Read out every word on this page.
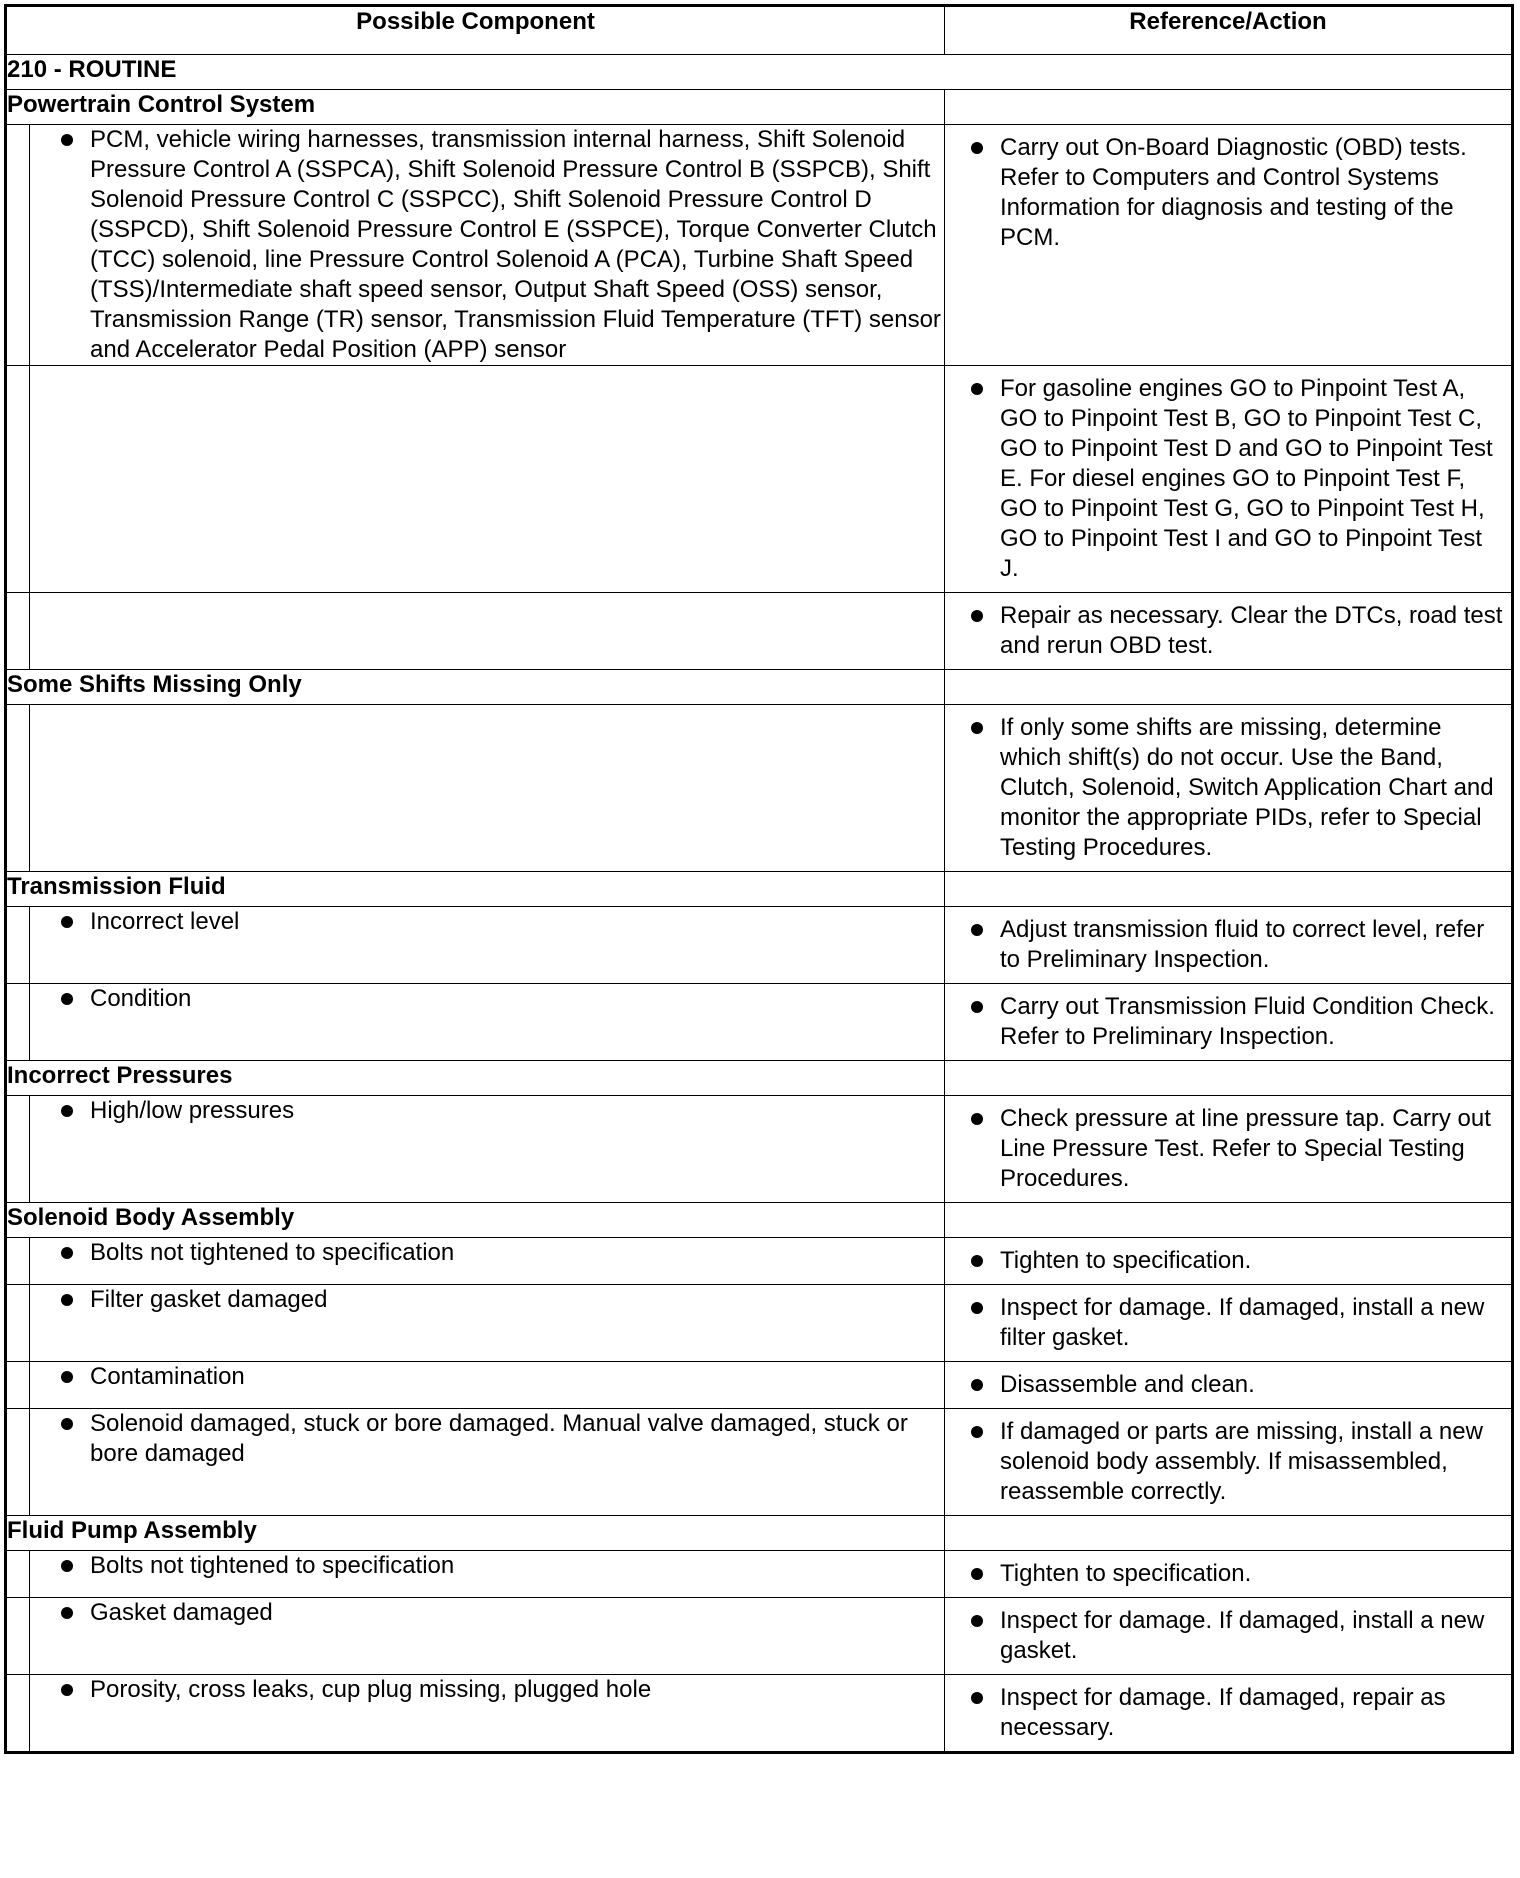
Possible Component		Reference/Action
210 - ROUTINE		
Powertrain Control System		

	PCM, vehicle wiring harnesses, transmission internal harness, Shift Solenoid Pressure Control A (SSPCA), Shift Solenoid Pressure Control B (SSPCB), Shift Solenoid Pressure Control C (SSPCC), Shift Solenoid Pressure Control D (SSPCD), Shift Solenoid Pressure Control E (SSPCE), Torque Converter Clutch (TCC) solenoid, line Pressure Control Solenoid A (PCA), Turbine Shaft Speed (TSS)/Intermediate shaft speed sensor, Output Shaft Speed (OSS) sensor, Transmission Range (TR) sensor, Transmission Fluid Temperature (TFT) sensor and Accelerator Pedal Position (APP) sensor	Carry out On-Board Diagnostic (OBD) tests. Refer to Computers and Control Systems Information for diagnosis and testing of the PCM.

		For gasoline engines GO to Pinpoint Test A, GO to Pinpoint Test B, GO to Pinpoint Test C, GO to Pinpoint Test D and GO to Pinpoint Test E. For diesel engines GO to Pinpoint Test F, GO to Pinpoint Test G, GO to Pinpoint Test H, GO to Pinpoint Test I and GO to Pinpoint Test J.

		Repair as necessary. Clear the DTCs, road test and rerun OBD test.

Some Shifts Missing Only		

		If only some shifts are missing, determine which shift(s) do not occur. Use the Band, Clutch, Solenoid, Switch Application Chart and monitor the appropriate PIDs, refer to Special Testing Procedures.

Transmission Fluid		

	Incorrect level	Adjust transmission fluid to correct level, refer to Preliminary Inspection.

	Condition	Carry out Transmission Fluid Condition Check. Refer to Preliminary Inspection.

Incorrect Pressures		

	High/low pressures	Check pressure at line pressure tap. Carry out Line Pressure Test. Refer to Special Testing Procedures.

Solenoid Body Assembly		

	Bolts not tightened to specification	Tighten to specification.

	Filter gasket damaged	Inspect for damage. If damaged, install a new filter gasket.

	Contamination	Disassemble and clean.

	Solenoid damaged, stuck or bore damaged. Manual valve damaged, stuck or bore damaged	If damaged or parts are missing, install a new solenoid body assembly. If misassembled, reassemble correctly.

Fluid Pump Assembly		

	Bolts not tightened to specification	Tighten to specification.

	Gasket damaged	Inspect for damage. If damaged, install a new gasket.

	Porosity, cross leaks, cup plug missing, plugged hole	Inspect for damage. If damaged, repair as necessary.
